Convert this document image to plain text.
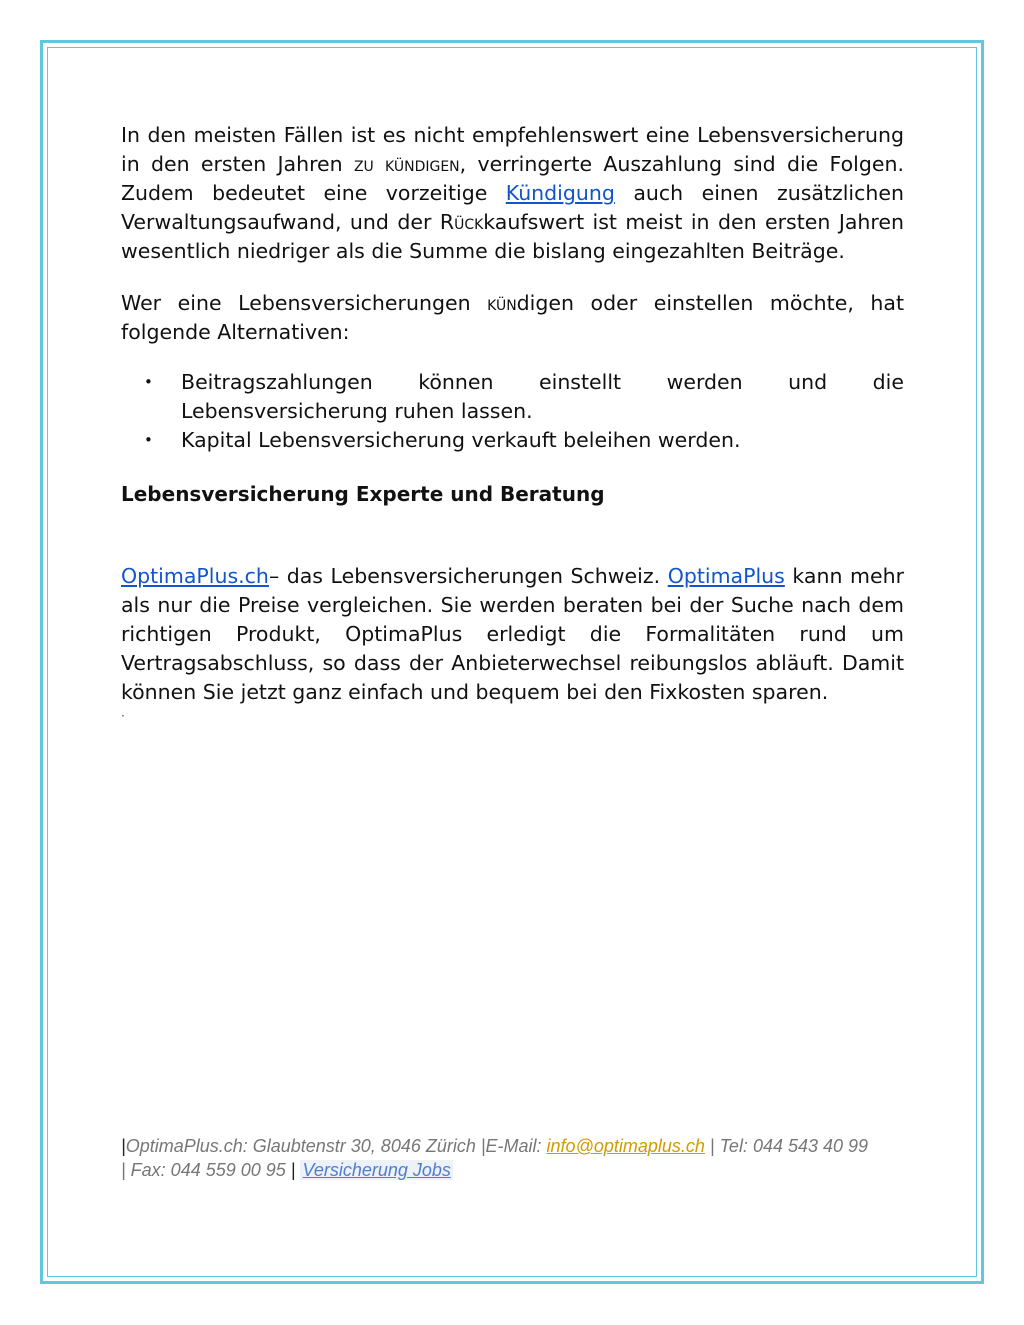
In den meisten Fällen ist es nicht empfehlenswert eine Lebensversicherung in den ersten Jahren zu kündigen, verringerte Auszahlung sind die Folgen. Zudem bedeutet eine vorzeitige Kündigung auch einen zusätzlichen Verwaltungsaufwand, und der Rückkaufswert ist meist in den ersten Jahren wesentlich niedriger als die Summe die bislang eingezahlten Beiträge.

Wer eine Lebensversicherungen kündigen oder einstellen möchte, hat folgende Alternativen:

• Beitragszahlungen können einstellt werden und die Lebensversicherung ruhen lassen.
• Kapital Lebensversicherung verkauft beleihen werden.
Lebensversicherung Experte und Beratung

OptimaPlus.ch– das Lebensversicherungen Schweiz. OptimaPlus kann mehr als nur die Preise vergleichen. Sie werden beraten bei der Suche nach dem richtigen Produkt, OptimaPlus erledigt die Formalitäten rund um Vertragsabschluss, so dass der Anbieterwechsel reibungslos abläuft. Damit können Sie jetzt ganz einfach und bequem bei den Fixkosten sparen.

·
|OptimaPlus.ch: Glaubtenstr 30, 8046 Zürich |E-Mail: info@optimaplus.ch | Tel: 044 543 40 99
| Fax: 044 559 00 95 | Versicherung Jobs
